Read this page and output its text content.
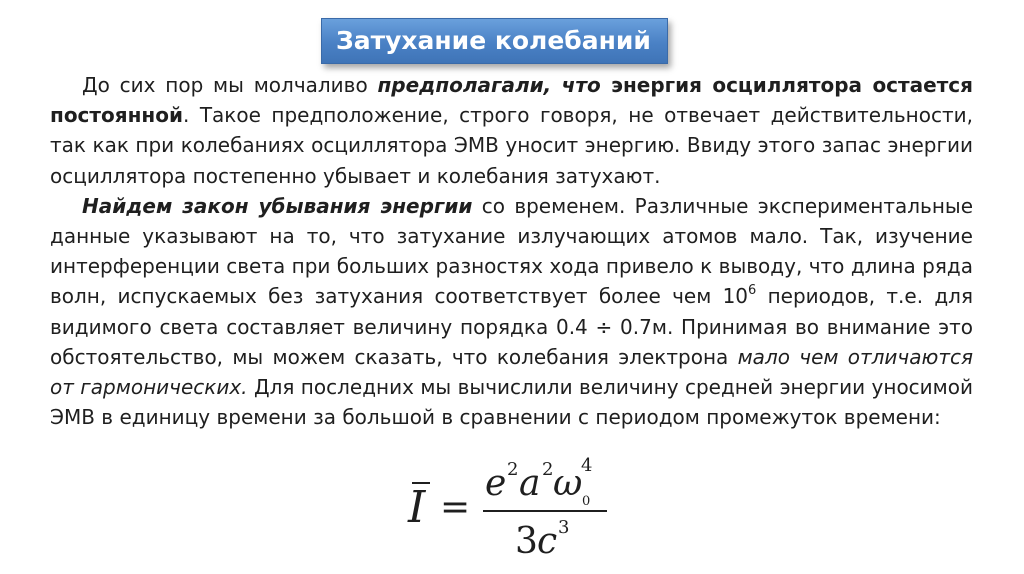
Затухание колебаний

До сих пор мы молчаливо предполагали, что энергия осциллятора остается постоянной. Такое предположение, строго говоря, не отвечает действительности, так как при колебаниях осциллятора ЭМВ уносит энергию. Ввиду этого запас энергии осциллятора постепенно убывает и колебания затухают.

Найдем закон убывания энергии со временем. Различные экспериментальные данные указывают на то, что затухание излучающих атомов мало. Так, изучение интерференции света при больших разностях хода привело к выводу, что длина ряда волн, испускаемых без затухания соответствует более чем $10^6$ периодов, т.е. для видимого света составляет величину порядка 0.4 ÷ 0.7м. Принимая во внимание это обстоятельство, мы можем сказать, что колебания электрона мало чем отличаются от гармонических. Для последних мы вычислили величину средней энергии уносимой ЭМВ в единицу времени за большой в сравнении с периодом промежуток времени:

I =
e 2 a 2 ω
4
0
3 c 3
